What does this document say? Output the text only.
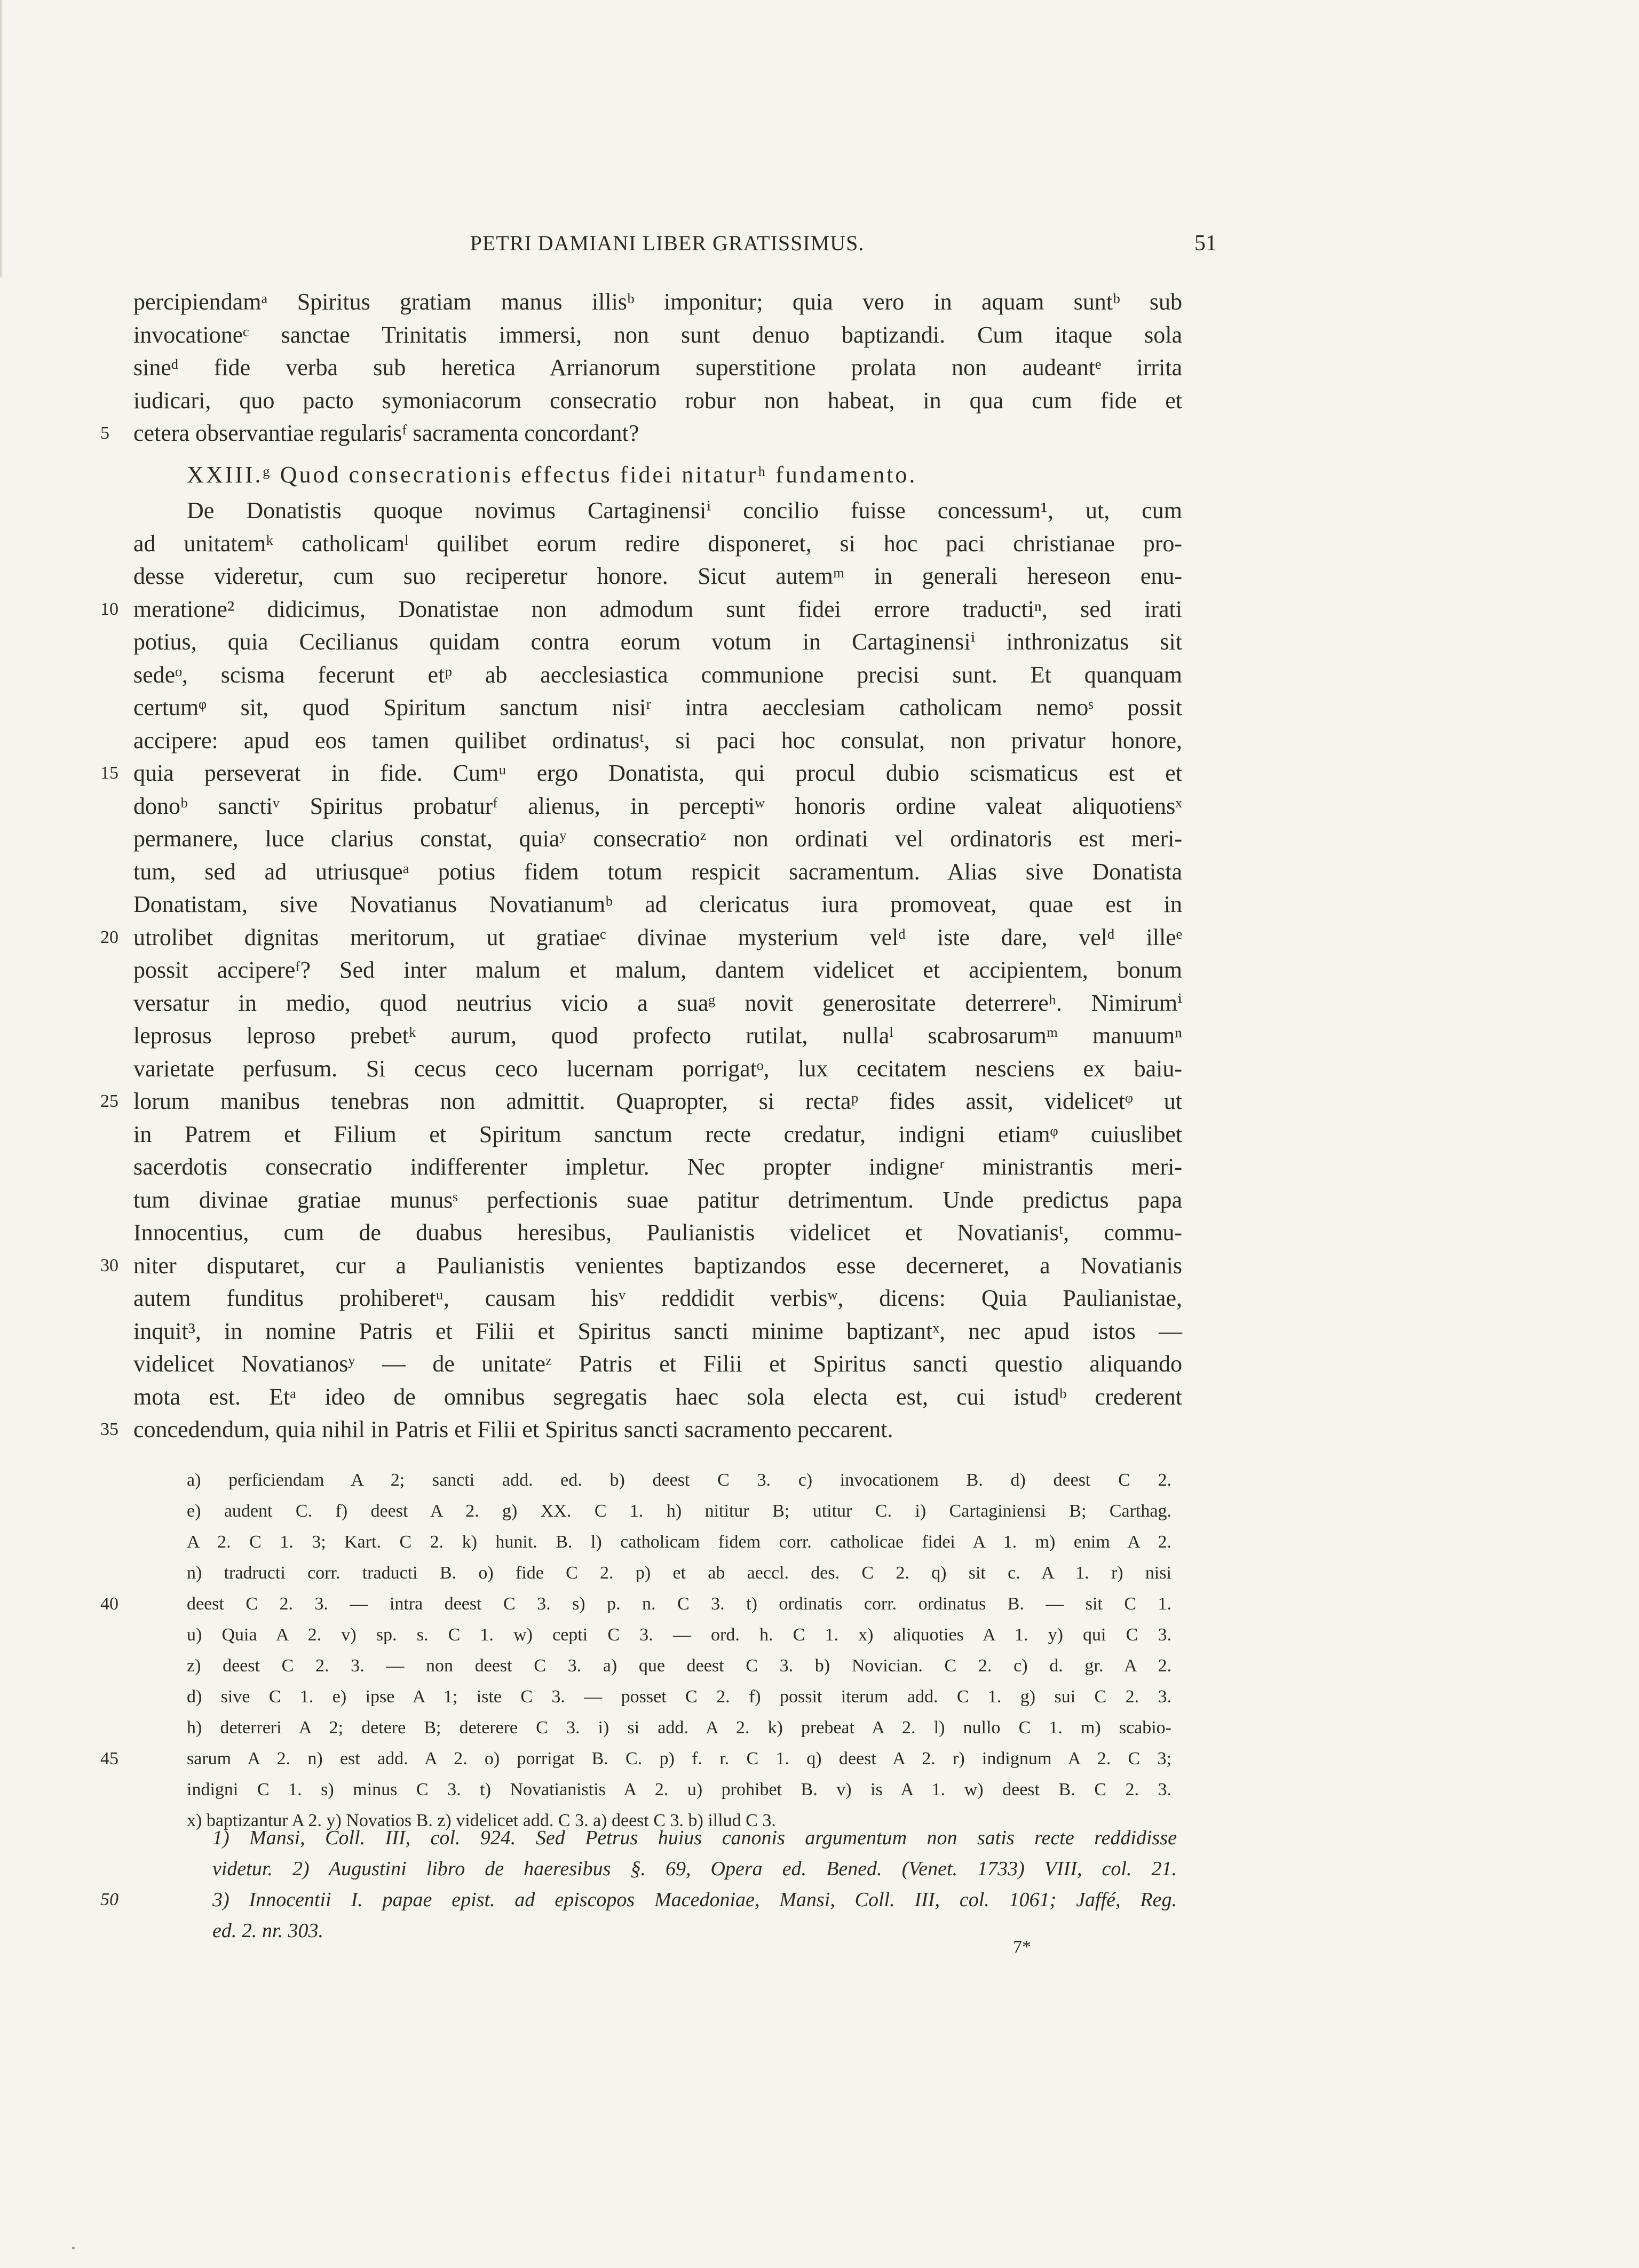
PETRI DAMIANI LIBER GRATISSIMUS.	51
percipiendamᵃ Spiritus gratiam manus illisᵇ imponitur; quia vero in aquam suntᵇ sub
invocationeᶜ sanctae Trinitatis immersi, non sunt denuo baptizandi. Cum itaque sola
sineᵈ fide verba sub heretica Arrianorum superstitione prolata non audeantᵉ irrita
iudicari, quo pacto symoniacorum consecratio robur non habeat, in qua cum fide et
5	cetera observantiae regularisᶠ sacramenta concordant?
XXIII.ᵍ Quod consecrationis effectus fidei nitaturʰ fundamento.
De Donatistis quoque novimus Cartaginensiⁱ concilio fuisse concessum¹, ut, cum
ad unitatemᵏ catholicamˡ quilibet eorum redire disponeret, si hoc paci christianae pro-
desse videretur, cum suo reciperetur honore. Sicut autemᵐ in generali hereseon enu-
10 meratione² didicimus, Donatistae non admodum sunt fidei errore traductiⁿ, sed irati
potius, quia Cecilianus quidam contra eorum votum in Cartaginensiⁱ inthronizatus sit
sedeᵒ, scisma fecerunt etᵖ ab aecclesiastica communione precisi sunt. Et quanquam
certumᵠ sit, quod Spiritum sanctum nisiʳ intra aecclesiam catholicam nemoˢ possit
accipere: apud eos tamen quilibet ordinatusᵗ, si paci hoc consulat, non privatur honore,
15 quia perseverat in fide. Cumᵘ ergo Donatista, qui procul dubio scismaticus est et
donoᵇ sanctiᵛ Spiritus probaturᶠ alienus, in perceptiʷ honoris ordine valeat aliquotiensˣ
permanere, luce clarius constat, quiaʸ consecratioᶻ non ordinati vel ordinatoris est meri-
tum, sed ad utriusqueᵃ potius fidem totum respicit sacramentum. Alias sive Donatista
Donatistam, sive Novatianus Novatianumᵇ ad clericatus iura promoveat, quae est in
20 utrolibet dignitas meritorum, ut gratiaeᶜ divinae mysterium velᵈ iste dare, velᵈ illeᵉ
possit accipereᶠ? Sed inter malum et malum, dantem videlicet et accipientem, bonum
versatur in medio, quod neutrius vicio a suaᵍ novit generositate deterrereʰ. Nimirumⁱ
leprosus leproso prebetᵏ aurum, quod profecto rutilat, nullaˡ scabrosarumᵐ manuumⁿ
varietate perfusum. Si cecus ceco lucernam porrigatᵒ, lux cecitatem nesciens ex baiu-
25 lorum manibus tenebras non admittit. Quapropter, si rectaᵖ fides assit, videlicetᵠ ut
in Patrem et Filium et Spiritum sanctum recte credatur, indigni etiamᵠ cuiuslibet
sacerdotis consecratio indifferenter impletur. Nec propter indigneʳ ministrantis meri-
tum divinae gratiae munusˢ perfectionis suae patitur detrimentum. Unde predictus papa
Innocentius, cum de duabus heresibus, Paulianistis videlicet et Novatianisᵗ, commu-
30 niter disputaret, cur a Paulianistis venientes baptizandos esse decerneret, a Novatianis
autem funditus prohiberetᵘ, causam hisᵛ reddidit verbisʷ, dicens: Quia Paulianistae,
inquit³, in nomine Patris et Filii et Spiritus sancti minime baptizantˣ, nec apud istos —
videlicet Novatianosʸ — de unitateᶻ Patris et Filii et Spiritus sancti questio aliquando
mota est. Etᵃ ideo de omnibus segregatis haec sola electa est, cui istudᵇ crederent
35 concedendum, quia nihil in Patris et Filii et Spiritus sancti sacramento peccarent.
a) perficiendam A 2; sancti add. ed. b) deest C 3. c) invocationem B. d) deest C 2.
e) audent C. f) deest A 2. g) XX. C 1. h) nititur B; utitur C. i) Cartaginiensi B; Carthag.
A 2. C 1. 3; Kart. C 2. k) hunit. B. l) catholicam fidem corr. catholicae fidei A 1. m) enim A 2.
n) tradructi corr. traducti B. o) fide C 2. p) et ab aeccl. des. C 2. q) sit c. A 1. r) nisi
40	deest C 2. 3. — intra deest C 3. s) p. n. C 3. t) ordinatis corr. ordinatus B. — sit C 1.
u) Quia A 2. v) sp. s. C 1. w) cepti C 3. — ord. h. C 1. x) aliquoties A 1. y) qui C 3.
z) deest C 2. 3. — non deest C 3. a) que deest C 3. b) Novician. C 2. c) d. gr. A 2.
d) sive C 1. e) ipse A 1; iste C 3. — posset C 2. f) possit iterum add. C 1. g) sui C 2. 3.
h) deterreri A 2; detere B; deterere C 3. i) si add. A 2. k) prebeat A 2. l) nullo C 1. m) scabio-
45	sarum A 2. n) est add. A 2. o) porrigat B. C. p) f. r. C 1. q) deest A 2. r) indignum A 2. C 3;
indigni C 1. s) minus C 3. t) Novatianistis A 2. u) prohibet B. v) is A 1. w) deest B. C 2. 3.
x) baptizantur A 2. y) Novatios B. z) videlicet add. C 3. a) deest C 3. b) illud C 3.
1) Mansi, Coll. III, col. 924. Sed Petrus huius canonis argumentum non satis recte reddidisse
videtur. 2) Augustini libro de haeresibus §. 69, Opera ed. Bened. (Venet. 1733) VIII, col. 21.
50	3) Innocentii I. papae epist. ad episcopos Macedoniae, Mansi, Coll. III, col. 1061; Jaffé, Reg.
ed. 2. nr. 303.
7*
